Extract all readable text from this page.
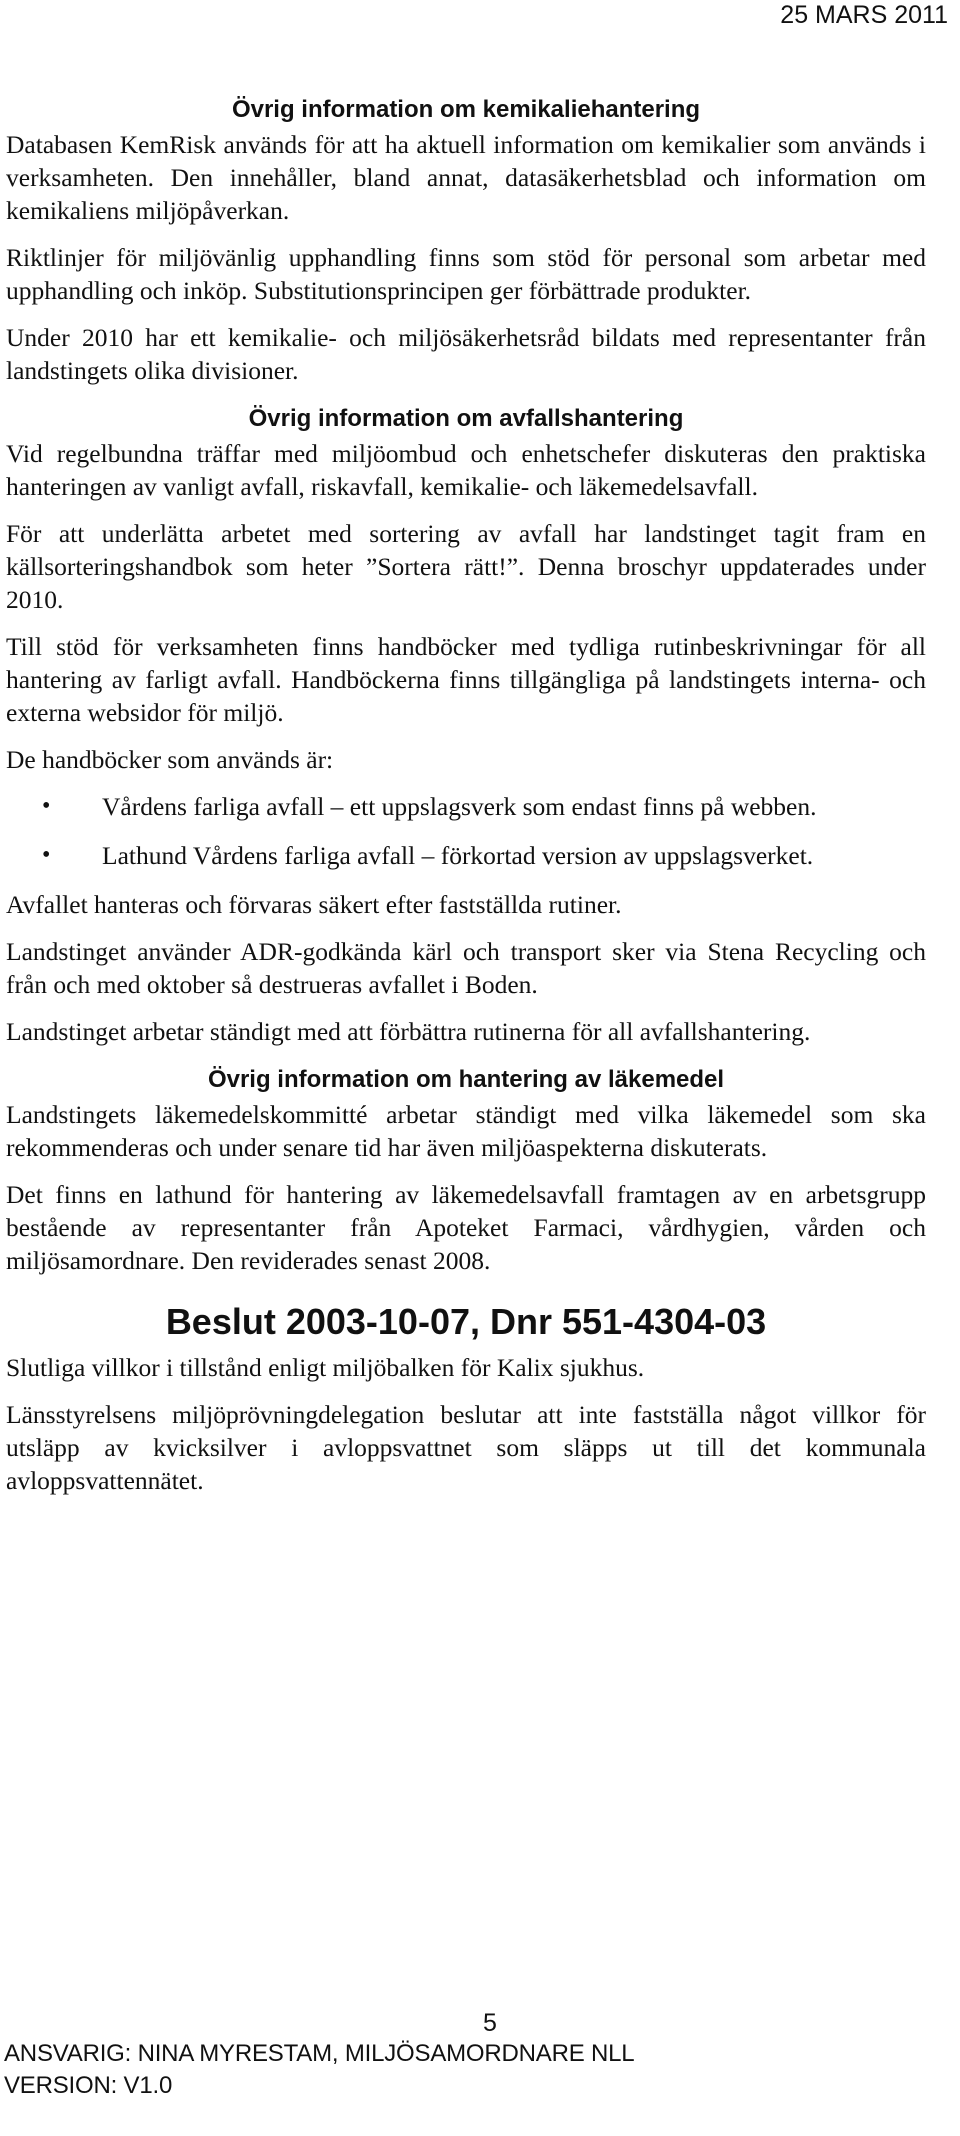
25 MARS 2011
Övrig information om kemikaliehantering

Databasen KemRisk används för att ha aktuell information om kemikalier som används i verksamheten. Den innehåller, bland annat, datasäkerhetsblad och information om kemikaliens miljöpåverkan.

Riktlinjer för miljövänlig upphandling finns som stöd för personal som arbetar med upphandling och inköp. Substitutionsprincipen ger förbättrade produkter.

Under 2010 har ett kemikalie- och miljösäkerhetsråd bildats med representanter från landstingets olika divisioner.

Övrig information om avfallshantering

Vid regelbundna träffar med miljöombud och enhetschefer diskuteras den praktiska hanteringen av vanligt avfall, riskavfall, kemikalie- och läkemedelsavfall.

För att underlätta arbetet med sortering av avfall har landstinget tagit fram en källsorteringshandbok som heter ”Sortera rätt!”. Denna broschyr uppdaterades under 2010.

Till stöd för verksamheten finns handböcker med tydliga rutinbeskrivningar för all hantering av farligt avfall. Handböckerna finns tillgängliga på landstingets interna- och externa websidor för miljö.

De handböcker som används är:

• Vårdens farliga avfall – ett uppslagsverk som endast finns på webben.
• Lathund Vårdens farliga avfall – förkortad version av uppslagsverket.

Avfallet hanteras och förvaras säkert efter fastställda rutiner.

Landstinget använder ADR-godkända kärl och transport sker via Stena Recycling och från och med oktober så destrueras avfallet i Boden.

Landstinget arbetar ständigt med att förbättra rutinerna för all avfallshantering.

Övrig information om hantering av läkemedel

Landstingets läkemedelskommitté arbetar ständigt med vilka läkemedel som ska rekommenderas och under senare tid har även miljöaspekterna diskuterats.

Det finns en lathund för hantering av läkemedelsavfall framtagen av en arbetsgrupp bestående av representanter från Apoteket Farmaci, vårdhygien, vården och miljösamordnare. Den reviderades senast 2008.

Beslut 2003-10-07, Dnr 551-4304-03

Slutliga villkor i tillstånd enligt miljöbalken för Kalix sjukhus.

Länsstyrelsens miljöprövningdelegation beslutar att inte fastställa något villkor för utsläpp av kvicksilver i avloppsvattnet som släpps ut till det kommunala avloppsvattennätet.

5
ANSVARIG: NINA MYRESTAM, MILJÖSAMORDNARE NLL
VERSION: V1.0
